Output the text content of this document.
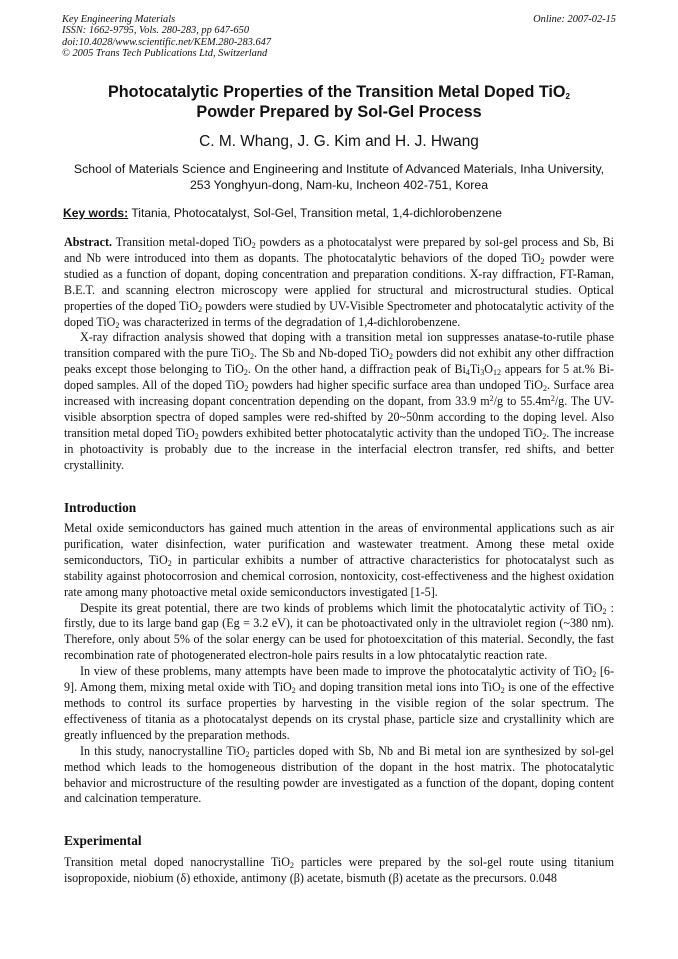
Key Engineering Materials
ISSN: 1662-9795, Vols. 280-283, pp 647-650
doi:10.4028/www.scientific.net/KEM.280-283.647
© 2005 Trans Tech Publications Ltd, Switzerland
Online: 2007-02-15
Photocatalytic Properties of the Transition Metal Doped TiO$_2$
Powder Prepared by Sol-Gel Process
C. M. Whang, J. G. Kim and H. J. Hwang
School of Materials Science and Engineering and Institute of Advanced Materials, Inha University,
253 Yonghyun-dong, Nam-ku, Incheon 402-751, Korea
Key words: Titania, Photocatalyst, Sol-Gel, Transition metal, 1,4-dichlorobenzene

Abstract. Transition metal-doped TiO$_2$ powders as a photocatalyst were prepared by sol-gel process and Sb, Bi and Nb were introduced into them as dopants. The photocatalytic behaviors of the doped TiO$_2$ powder were studied as a function of dopant, doping concentration and preparation conditions. X-ray diffraction, FT-Raman, B.E.T. and scanning electron microscopy were applied for structural and microstructural studies. Optical properties of the doped TiO$_2$ powders were studied by UV-Visible Spectrometer and photocatalytic activity of the doped TiO$_2$ was characterized in terms of the degradation of 1,4-dichlorobenzene.

X-ray difraction analysis showed that doping with a transition metal ion suppresses anatase-to-rutile phase transition compared with the pure TiO$_2$. The Sb and Nb-doped TiO$_2$ powders did not exhibit any other diffraction peaks except those belonging to TiO$_2$. On the other hand, a diffraction peak of $Bi_4Ti_3O_{12}$ appears for 5 at.% Bi-doped samples. All of the doped TiO$_2$ powders had higher specific surface area than undoped TiO$_2$. Surface area increased with increasing dopant concentration depending on the dopant, from 33.9 $m^2/g$ to $55.4m^2/g$. The UV-visible absorption spectra of doped samples were red-shifted by 20~50nm according to the doping level. Also transition metal doped TiO$_2$ powders exhibited better photocatalytic activity than the undoped TiO$_2$. The increase in photoactivity is probably due to the increase in the interfacial electron transfer, red shifts, and better crystallinity.

Introduction

Metal oxide semiconductors has gained much attention in the areas of environmental applications such as air purification, water disinfection, water purification and wastewater treatment. Among these metal oxide semiconductors, TiO$_2$ in particular exhibits a number of attractive characteristics for photocatalyst such as stability against photocorrosion and chemical corrosion, nontoxicity, cost-effectiveness and the highest oxidation rate among many photoactive metal oxide semiconductors investigated [1-5].

Despite its great potential, there are two kinds of problems which limit the photocatalytic activity of TiO$_2$ : firstly, due to its large band gap (Eg = 3.2 eV), it can be photoactivated only in the ultraviolet region (~380 nm). Therefore, only about 5% of the solar energy can be used for photoexcitation of this material. Secondly, the fast recombination rate of photogenerated electron-hole pairs results in a low phtocatalytic reaction rate.

In view of these problems, many attempts have been made to improve the photocatalytic activity of TiO$_2$ [6-9]. Among them, mixing metal oxide with TiO$_2$ and doping transition metal ions into TiO$_2$ is one of the effective methods to control its surface properties by harvesting in the visible region of the solar spectrum. The effectiveness of titania as a photocatalyst depends on its crystal phase, particle size and crystallinity which are greatly influenced by the preparation methods.

In this study, nanocrystalline TiO$_2$ particles doped with Sb, Nb and Bi metal ion are synthesized by sol-gel method which leads to the homogeneous distribution of the dopant in the host matrix. The photocatalytic behavior and microstructure of the resulting powder are investigated as a function of the dopant, doping content and calcination temperature.

Experimental

Transition metal doped nanocrystalline TiO$_2$ particles were prepared by the sol-gel route using titanium isopropoxide, niobium (δ) ethoxide, antimony (β) acetate, bismuth (β) acetate as the precursors. 0.048
